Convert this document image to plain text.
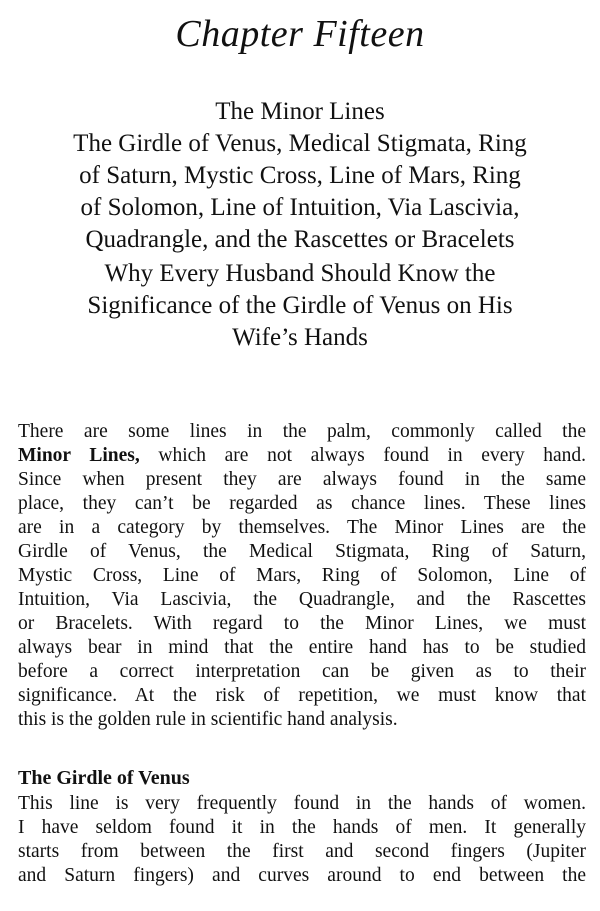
Chapter Fifteen
The Minor Lines
The Girdle of Venus, Medical Stigmata, Ring
of Saturn, Mystic Cross, Line of Mars, Ring
of Solomon, Line of Intuition, Via Lascivia,
Quadrangle, and the Rascettes or Bracelets
Why Every Husband Should Know the
Significance of the Girdle of Venus on His
Wife’s Hands
There are some lines in the palm, commonly called the
Minor Lines, which are not always found in every hand.
Since when present they are always found in the same
place, they can’t be regarded as chance lines. These lines
are in a category by themselves. The Minor Lines are the
Girdle of Venus, the Medical Stigmata, Ring of Saturn,
Mystic Cross, Line of Mars, Ring of Solomon, Line of
Intuition, Via Lascivia, the Quadrangle, and the Rascettes
or Bracelets. With regard to the Minor Lines, we must
always bear in mind that the entire hand has to be studied
before a correct interpretation can be given as to their
significance. At the risk of repetition, we must know that
this is the golden rule in scientific hand analysis.
The Girdle of Venus
This line is very frequently found in the hands of women.
I have seldom found it in the hands of men. It generally
starts from between the first and second fingers (Jupiter
and Saturn fingers) and curves around to end between the
